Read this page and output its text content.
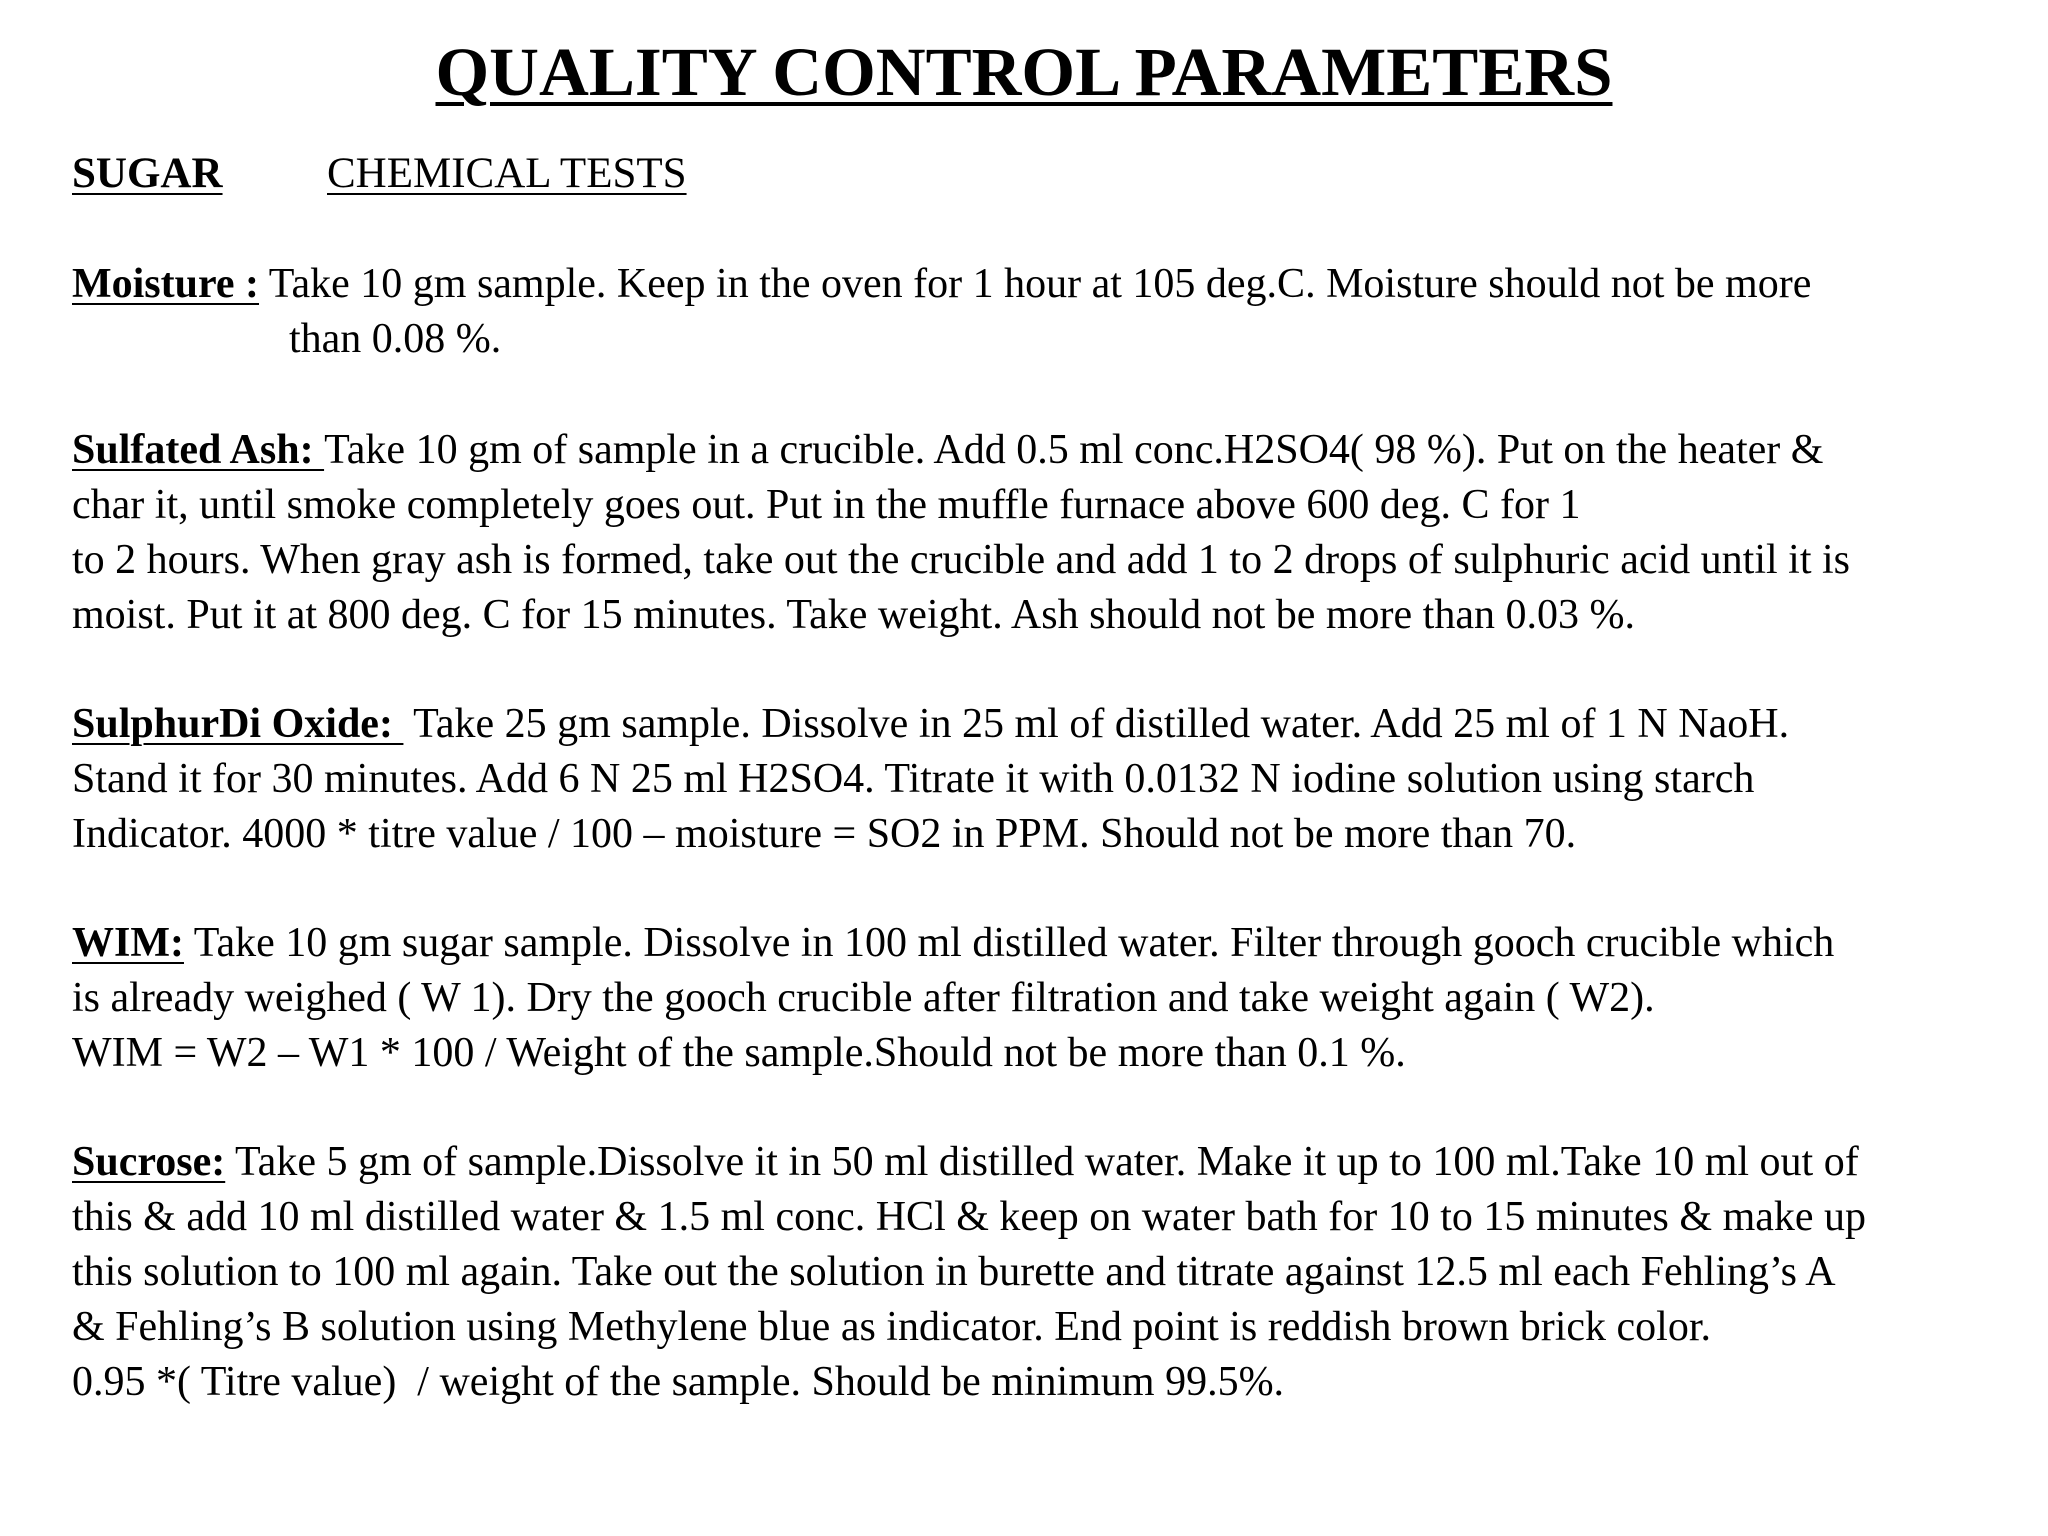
QUALITY CONTROL PARAMETERS
SUGAR CHEMICAL TESTS
Moisture : Take 10 gm sample. Keep in the oven for 1 hour at 105 deg.C. Moisture should not be more
than 0.08 %.
Sulfated Ash: Take 10 gm of sample in a crucible. Add 0.5 ml conc.H2SO4( 98 %). Put on the heater &
char it, until smoke completely goes out. Put in the muffle furnace above 600 deg. C for 1
to 2 hours. When gray ash is formed, take out the crucible and add 1 to 2 drops of sulphuric acid until it is
moist. Put it at 800 deg. C for 15 minutes. Take weight. Ash should not be more than 0.03 %.
SulphurDi Oxide:  Take 25 gm sample. Dissolve in 25 ml of distilled water. Add 25 ml of 1 N NaoH.
Stand it for 30 minutes. Add 6 N 25 ml H2SO4. Titrate it with 0.0132 N iodine solution using starch
Indicator. 4000 * titre value / 100 – moisture = SO2 in PPM. Should not be more than 70.
WIM: Take 10 gm sugar sample. Dissolve in 100 ml distilled water. Filter through gooch crucible which
is already weighed ( W 1). Dry the gooch crucible after filtration and take weight again ( W2).
WIM = W2 – W1 * 100 / Weight of the sample.Should not be more than 0.1 %.
Sucrose: Take 5 gm of sample.Dissolve it in 50 ml distilled water. Make it up to 100 ml.Take 10 ml out of
this & add 10 ml distilled water & 1.5 ml conc. HCl & keep on water bath for 10 to 15 minutes & make up
this solution to 100 ml again. Take out the solution in burette and titrate against 12.5 ml each Fehling’s A
& Fehling’s B solution using Methylene blue as indicator. End point is reddish brown brick color.
0.95 *( Titre value)  / weight of the sample. Should be minimum 99.5%.
